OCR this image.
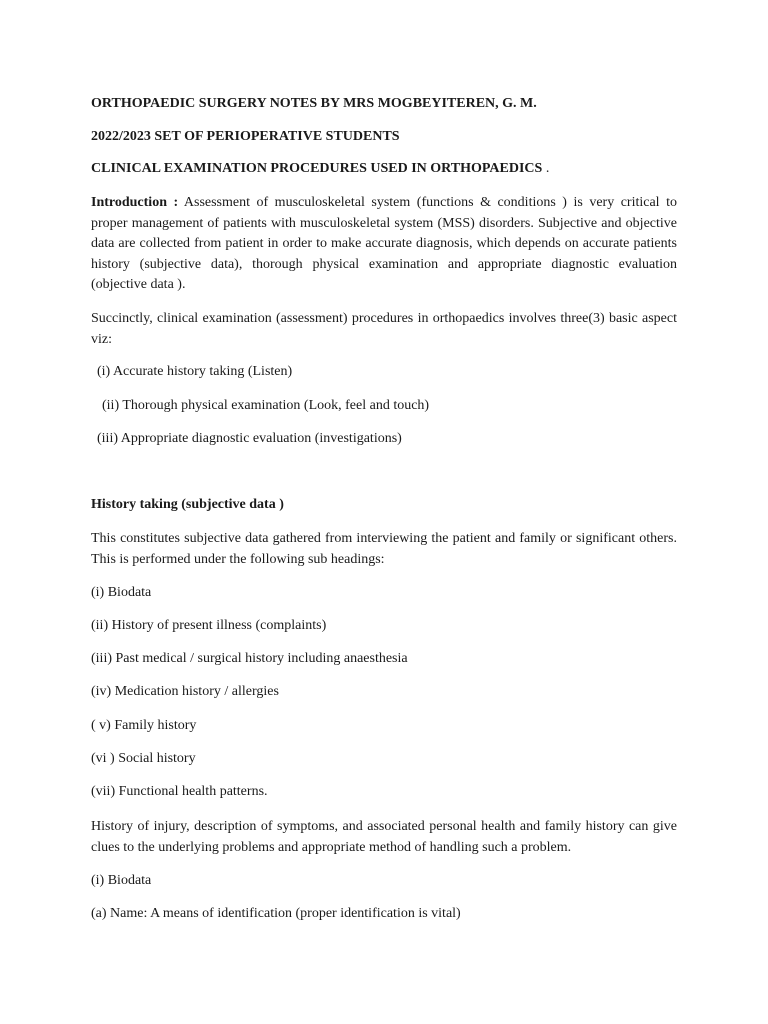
ORTHOPAEDIC SURGERY NOTES BY MRS MOGBEYITEREN, G. M.
2022/2023 SET OF PERIOPERATIVE STUDENTS
CLINICAL EXAMINATION PROCEDURES USED IN ORTHOPAEDICS .
Introduction : Assessment of musculoskeletal system (functions & conditions ) is very critical to proper management of patients with musculoskeletal system (MSS) disorders. Subjective and objective data are collected from patient in order to make accurate diagnosis, which depends on accurate patients history (subjective data), thorough physical examination and appropriate diagnostic evaluation (objective data ).
Succinctly, clinical examination (assessment) procedures in orthopaedics involves three(3) basic aspect viz:
(i) Accurate history taking (Listen)
(ii) Thorough physical examination (Look, feel and touch)
(iii) Appropriate diagnostic evaluation (investigations)
History taking (subjective data )
This constitutes subjective data gathered from interviewing the patient and family or significant others. This is performed under the following sub headings:
(i) Biodata
(ii) History of present illness (complaints)
(iii) Past medical / surgical history including anaesthesia
(iv) Medication history / allergies
( v) Family history
(vi ) Social history
(vii) Functional health patterns.
History of injury, description of symptoms, and associated personal health and family history can give clues to the underlying problems and appropriate method of handling such a problem.
(i) Biodata
(a) Name: A means of identification (proper identification is vital)
